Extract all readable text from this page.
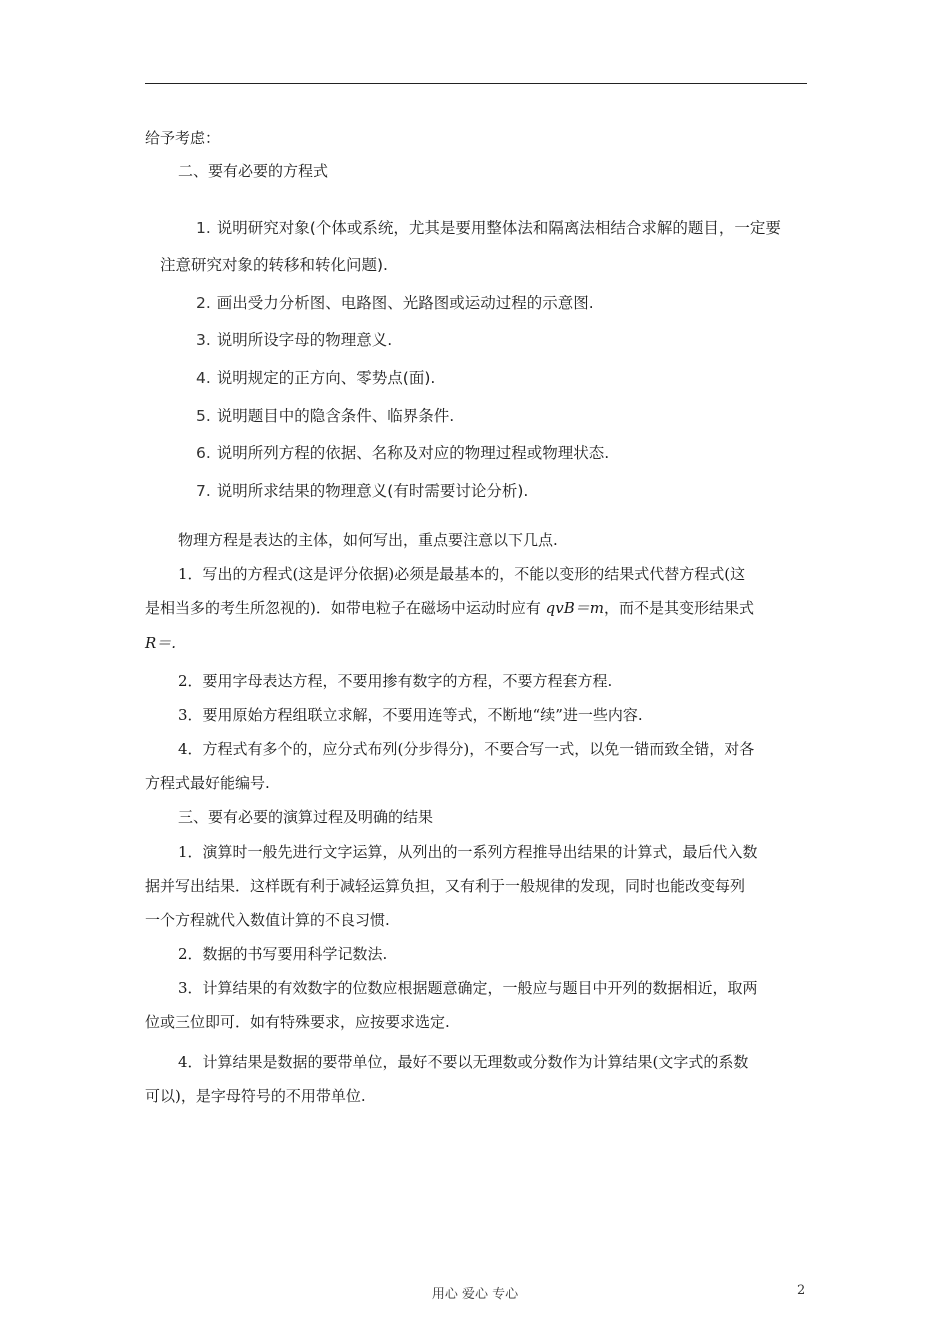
给予考虑：
二、要有必要的方程式
1. 说明研究对象(个体或系统，尤其是要用整体法和隔离法相结合求解的题目，一定要
注意研究对象的转移和转化问题).
2. 画出受力分析图、电路图、光路图或运动过程的示意图.
3. 说明所设字母的物理意义.
4. 说明规定的正方向、零势点(面).
5. 说明题目中的隐含条件、临界条件.
6. 说明所列方程的依据、名称及对应的物理过程或物理状态.
7. 说明所求结果的物理意义(有时需要讨论分析).
物理方程是表达的主体，如何写出，重点要注意以下几点.
1．写出的方程式(这是评分依据)必须是最基本的，不能以变形的结果式代替方程式(这
是相当多的考生所忽视的)．如带电粒子在磁场中运动时应有 qvB＝m，而不是其变形结果式
R＝.
2．要用字母表达方程，不要用掺有数字的方程，不要方程套方程.
3．要用原始方程组联立求解，不要用连等式，不断地“续”进一些内容.
4．方程式有多个的，应分式布列(分步得分)，不要合写一式，以免一错而致全错，对各
方程式最好能编号.
三、要有必要的演算过程及明确的结果
1．演算时一般先进行文字运算，从列出的一系列方程推导出结果的计算式，最后代入数
据并写出结果．这样既有利于减轻运算负担，又有利于一般规律的发现，同时也能改变每列
一个方程就代入数值计算的不良习惯.
2．数据的书写要用科学记数法.
3．计算结果的有效数字的位数应根据题意确定，一般应与题目中开列的数据相近，取两
位或三位即可．如有特殊要求，应按要求选定.
4．计算结果是数据的要带单位，最好不要以无理数或分数作为计算结果(文字式的系数
可以)，是字母符号的不用带单位.
用心 爱心 专心	2
